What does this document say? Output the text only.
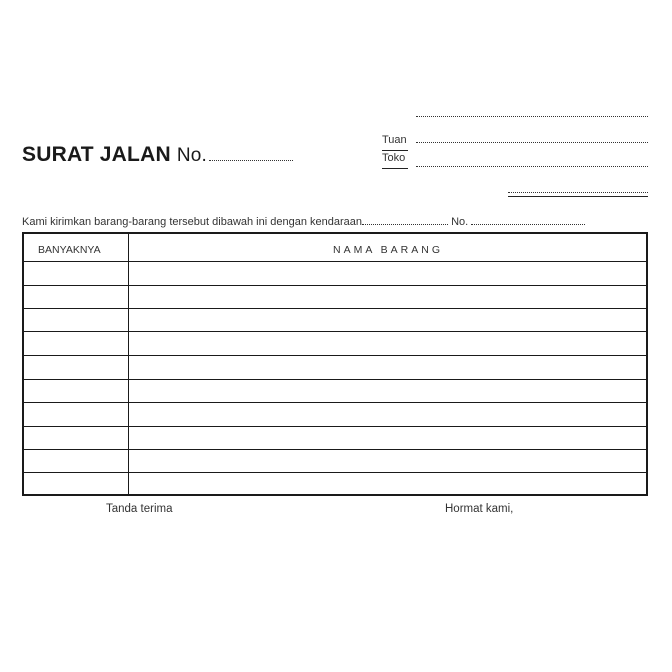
Tuan
Toko
SURAT JALAN No.
Kami kirimkan barang-barang tersebut dibawah ini dengan kendaraan	No.
BANYAKNYA	NAMA BARANG
Tanda terima	Hormat kami,
